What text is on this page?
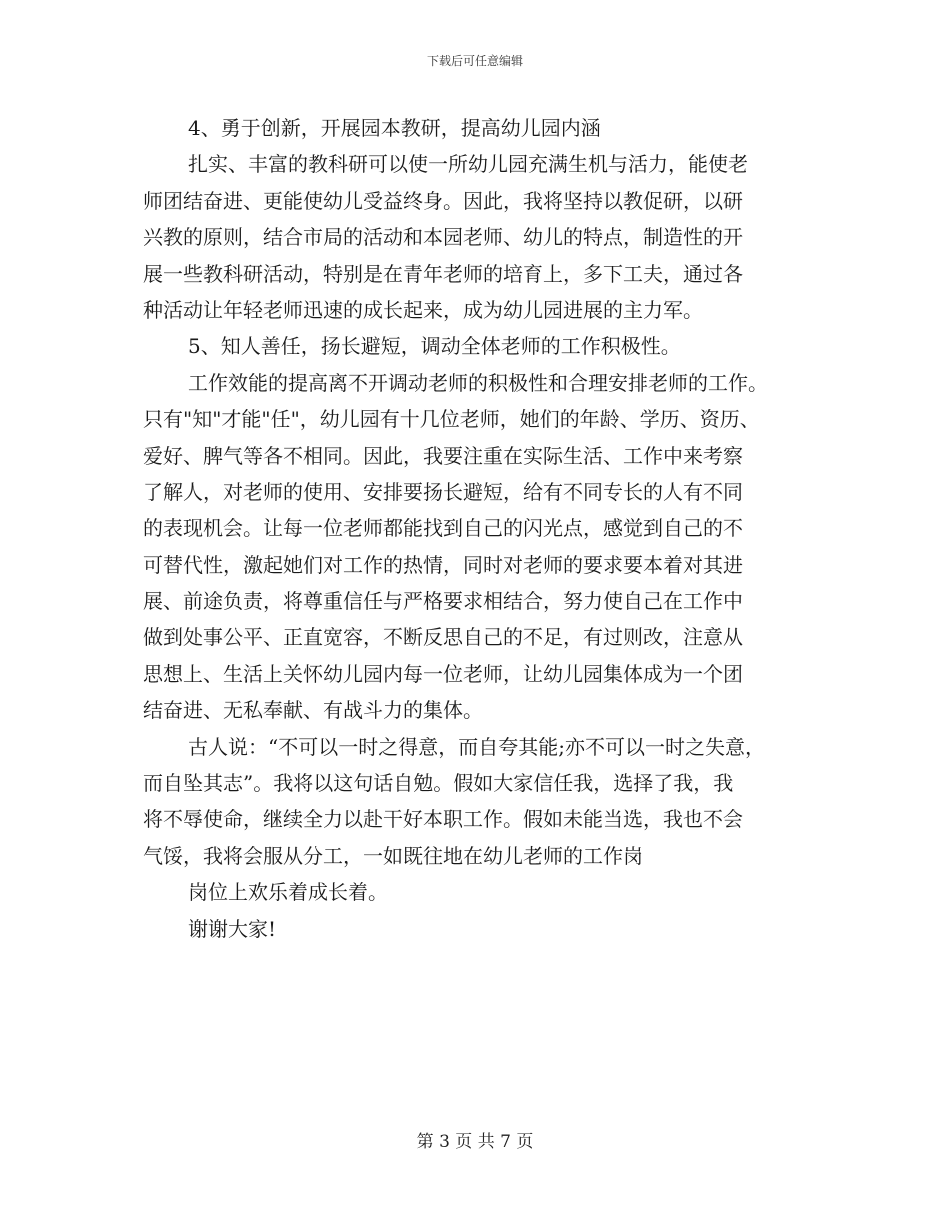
下载后可任意编辑
4、勇于创新，开展园本教研，提高幼儿园内涵
扎实、丰富的教科研可以使一所幼儿园充满生机与活力，能使老
师团结奋进、更能使幼儿受益终身。因此，我将坚持以教促研，以研
兴教的原则，结合市局的活动和本园老师、幼儿的特点，制造性的开
展一些教科研活动，特别是在青年老师的培育上，多下工夫，通过各
种活动让年轻老师迅速的成长起来，成为幼儿园进展的主力军。
5、知人善任，扬长避短，调动全体老师的工作积极性。
工作效能的提高离不开调动老师的积极性和合理安排老师的工作。
只有"知"才能"任"，幼儿园有十几位老师，她们的年龄、学历、资历、
爱好、脾气等各不相同。因此，我要注重在实际生活、工作中来考察
了解人，对老师的使用、安排要扬长避短，给有不同专长的人有不同
的表现机会。让每一位老师都能找到自己的闪光点，感觉到自己的不
可替代性，激起她们对工作的热情，同时对老师的要求要本着对其进
展、前途负责，将尊重信任与严格要求相结合，努力使自己在工作中
做到处事公平、正直宽容，不断反思自己的不足，有过则改，注意从
思想上、生活上关怀幼儿园内每一位老师，让幼儿园集体成为一个团
结奋进、无私奉献、有战斗力的集体。
古人说：“不可以一时之得意，而自夸其能;亦不可以一时之失意，
而自坠其志”。我将以这句话自勉。假如大家信任我，选择了我，我
将不辱使命，继续全力以赴干好本职工作。假如未能当选，我也不会
气馁，我将会服从分工，一如既往地在幼儿老师的工作岗
岗位上欢乐着成长着。
谢谢大家!
第 3 页 共 7 页
